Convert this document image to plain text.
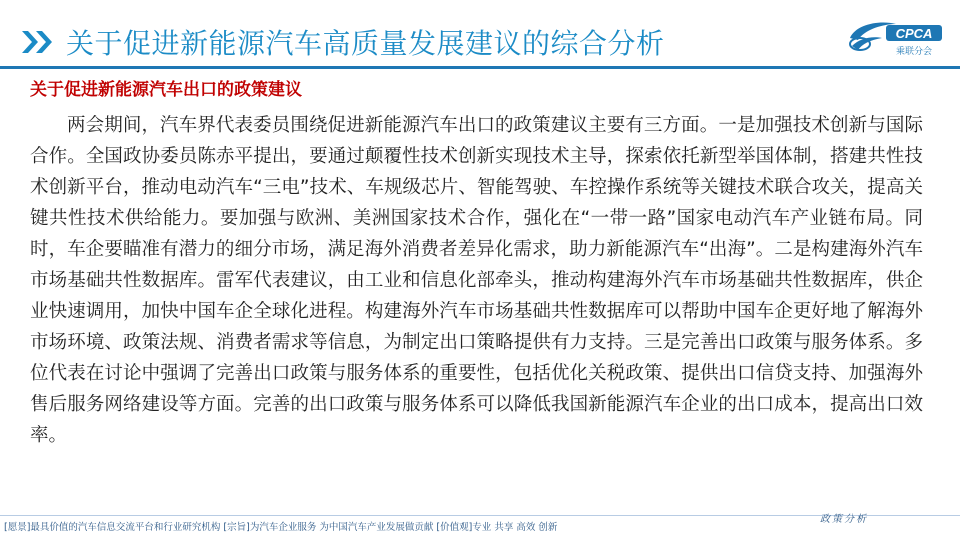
关于促进新能源汽车高质量发展建议的综合分析	CPCA
乘联分会
关于促进新能源汽车出口的政策建议
两会期间，汽车界代表委员围绕促进新能源汽车出口的政策建议主要有三方面。一是加强技术创新与国际合作。全国政协委员陈赤平提出，要通过颠覆性技术创新实现技术主导，探索依托新型举国体制，搭建共性技术创新平台，推动电动汽车“三电”技术、车规级芯片、智能驾驶、车控操作系统等关键技术联合攻关，提高关键共性技术供给能力。要加强与欧洲、美洲国家技术合作，强化在“一带一路”国家电动汽车产业链布局。同时，车企要瞄准有潜力的细分市场，满足海外消费者差异化需求，助力新能源汽车“出海”。二是构建海外汽车市场基础共性数据库。雷军代表建议，由工业和信息化部牵头，推动构建海外汽车市场基础共性数据库，供企业快速调用，加快中国车企全球化进程。构建海外汽车市场基础共性数据库可以帮助中国车企更好地了解海外市场环境、政策法规、消费者需求等信息，为制定出口策略提供有力支持。三是完善出口政策与服务体系。多位代表在讨论中强调了完善出口政策与服务体系的重要性，包括优化关税政策、提供出口信贷支持、加强海外售后服务网络建设等方面。完善的出口政策与服务体系可以降低我国新能源汽车企业的出口成本，提高出口效率。
[愿景]最具价值的汽车信息交流平台和行业研究机构 [宗旨]为汽车企业服务 为中国汽车产业发展做贡献 [价值观]专业 共享 高效 创新
政策分析
